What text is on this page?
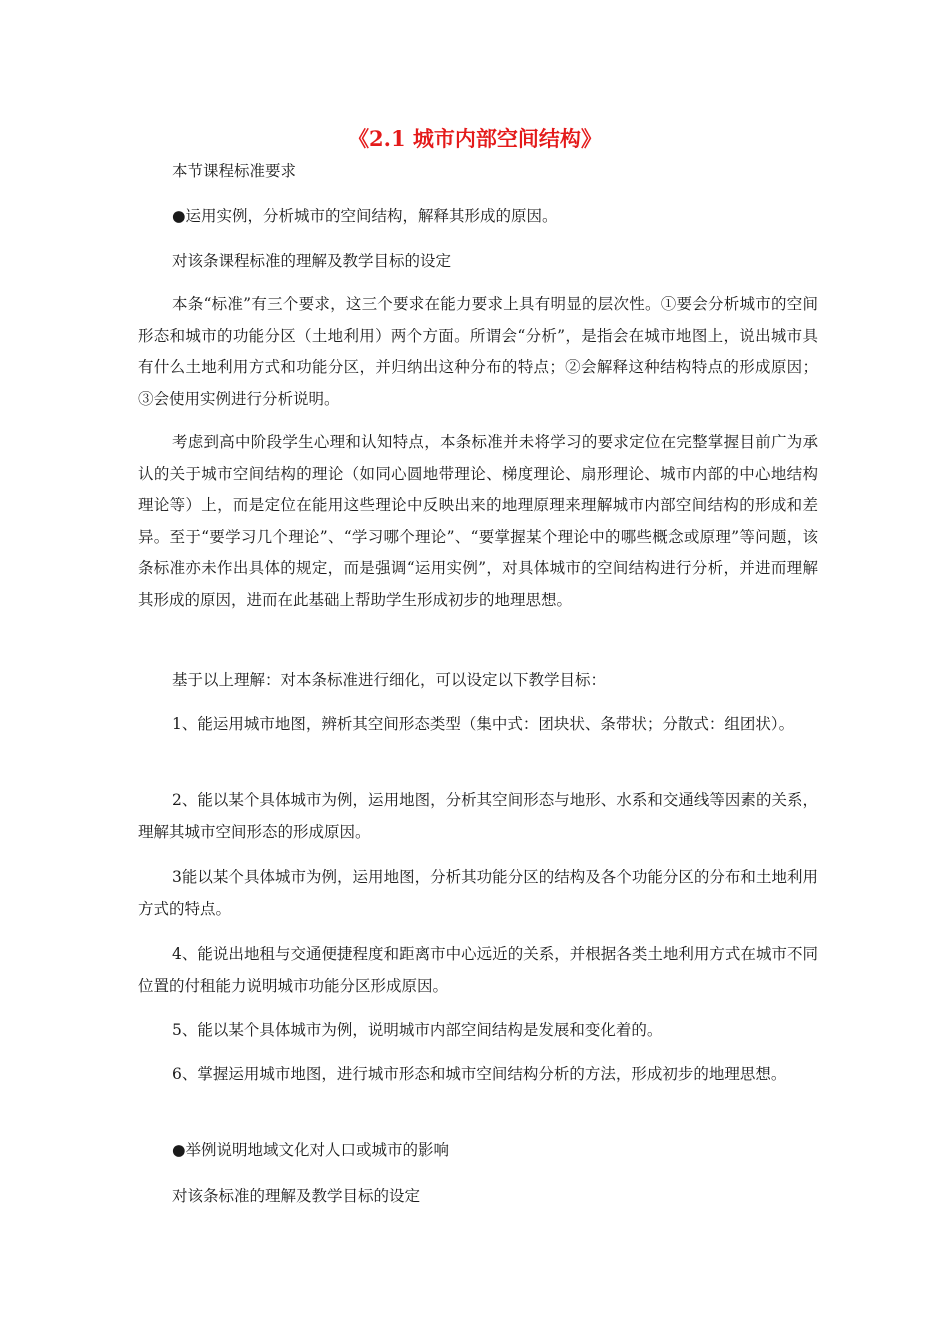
《2.1 城市内部空间结构》
本节课程标准要求
●运用实例，分析城市的空间结构，解释其形成的原因。
对该条课程标准的理解及教学目标的设定
本条“标准”有三个要求，这三个要求在能力要求上具有明显的层次性。①要会分析城市的空间形态和城市的功能分区（土地利用）两个方面。所谓会“分析”，是指会在城市地图上，说出城市具有什么土地利用方式和功能分区，并归纳出这种分布的特点；②会解释这种结构特点的形成原因；③会使用实例进行分析说明。
考虑到高中阶段学生心理和认知特点，本条标准并未将学习的要求定位在完整掌握目前广为承认的关于城市空间结构的理论（如同心圆地带理论、梯度理论、扇形理论、城市内部的中心地结构理论等）上，而是定位在能用这些理论中反映出来的地理原理来理解城市内部空间结构的形成和差异。至于“要学习几个理论”、“学习哪个理论”、“要掌握某个理论中的哪些概念或原理”等问题，该条标准亦未作出具体的规定，而是强调“运用实例”，对具体城市的空间结构进行分析，并进而理解其形成的原因，进而在此基础上帮助学生形成初步的地理思想。
基于以上理解：对本条标准进行细化，可以设定以下教学目标：
1、能运用城市地图，辨析其空间形态类型（集中式：团块状、条带状；分散式：组团状）。
2、能以某个具体城市为例，运用地图，分析其空间形态与地形、水系和交通线等因素的关系，理解其城市空间形态的形成原因。
3能以某个具体城市为例，运用地图，分析其功能分区的结构及各个功能分区的分布和土地利用方式的特点。
4、能说出地租与交通便捷程度和距离市中心远近的关系，并根据各类土地利用方式在城市不同位置的付租能力说明城市功能分区形成原因。
5、能以某个具体城市为例，说明城市内部空间结构是发展和变化着的。
6、掌握运用城市地图，进行城市形态和城市空间结构分析的方法，形成初步的地理思想。
●举例说明地域文化对人口或城市的影响
对该条标准的理解及教学目标的设定
